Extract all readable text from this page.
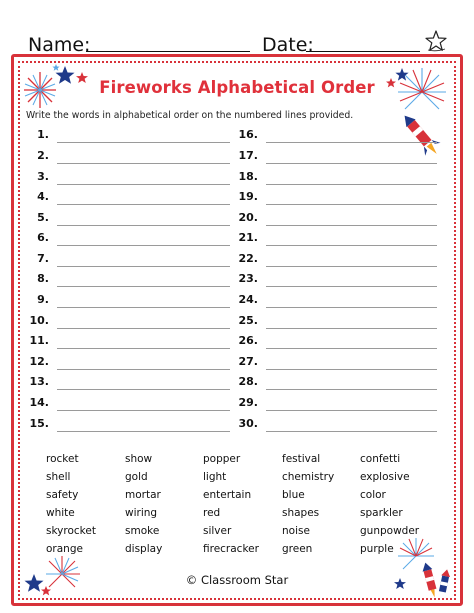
Name:	Date:
Fireworks Alphabetical Order
Write the words in alphabetical order on the numbered lines provided.
1.
2.
3.
4.
5.
6.
7.
8.
9.
10.
11.
12.
13.
14.
15.
16.
17.
18.
19.
20.
21.
22.
23.
24.
25.
26.
27.
28.
29.
30.
rocket
shell
safety
white
skyrocket
orange
show
gold
mortar
wiring
smoke
display
popper
light
entertain
red
silver
firecracker
festival
chemistry
blue
shapes
noise
green
confetti
explosive
color
sparkler
gunpowder
purple
© Classroom Star
